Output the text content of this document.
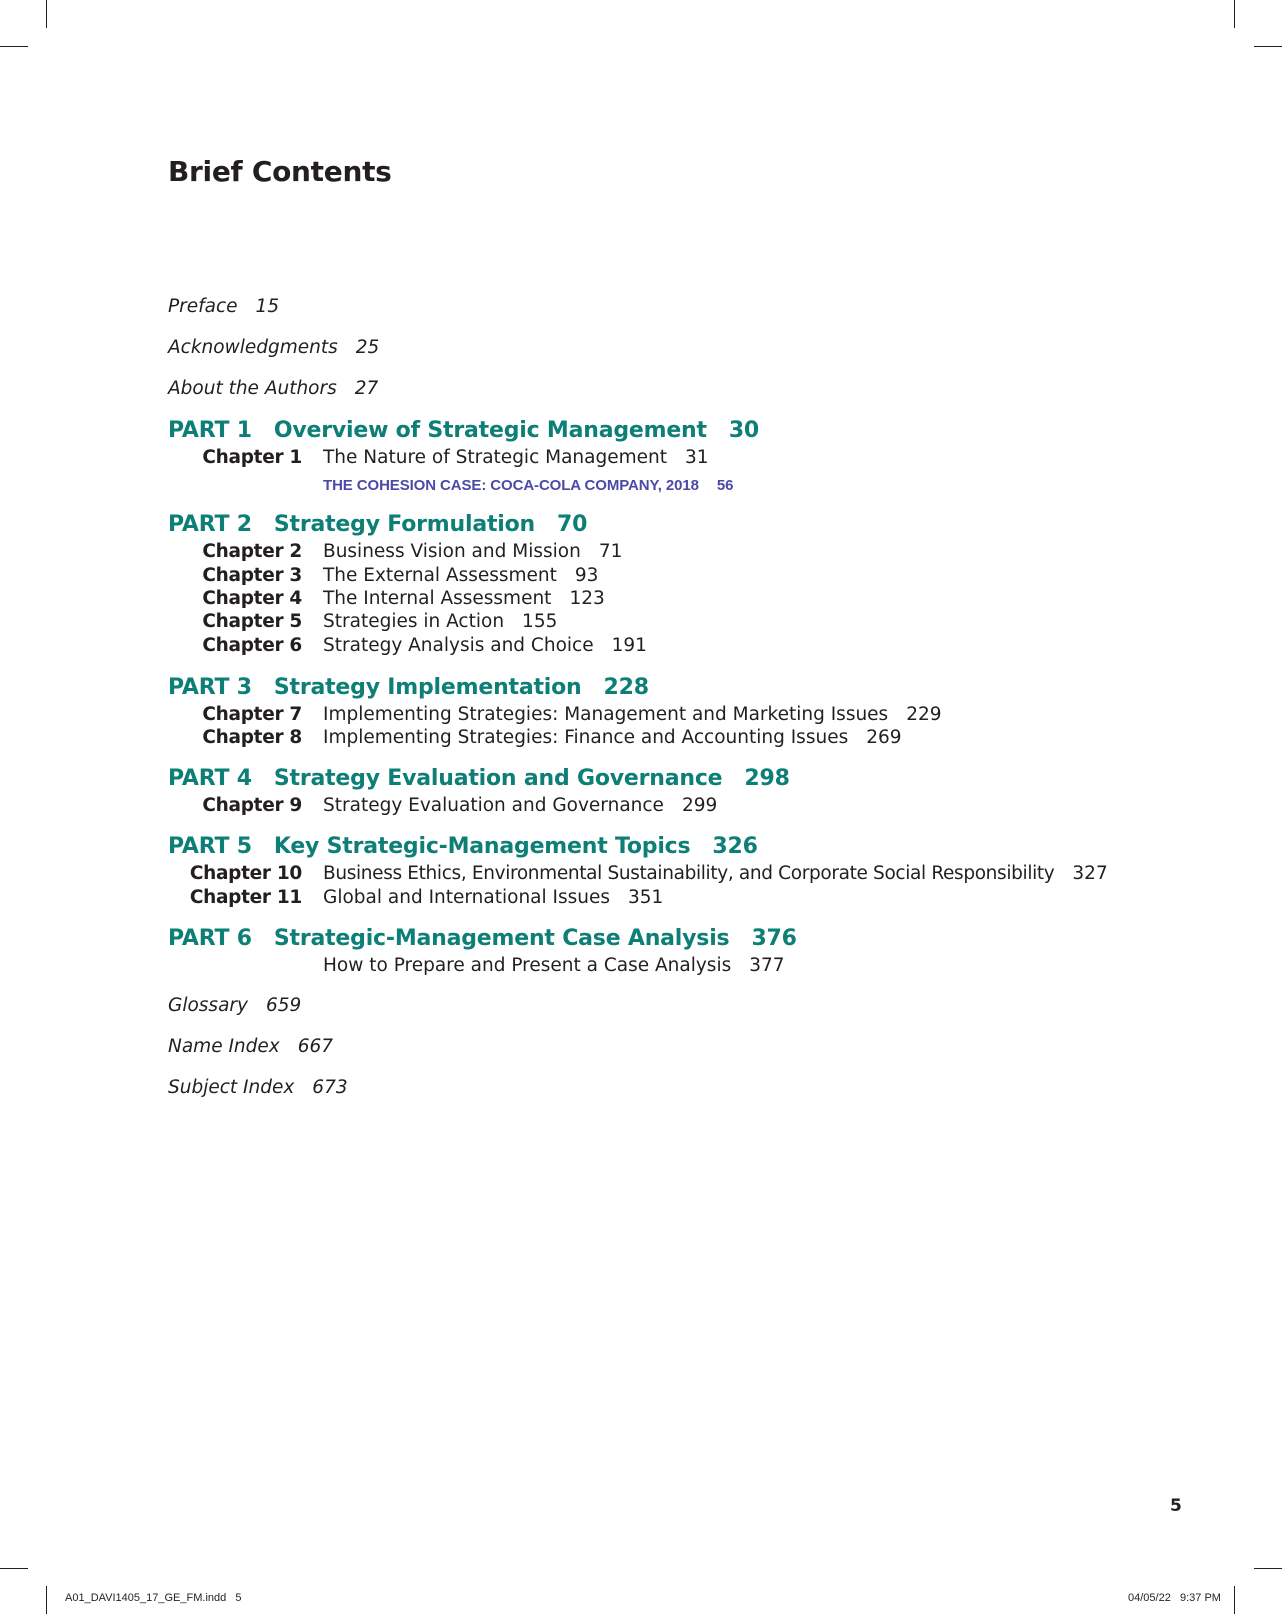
Brief Contents

Preface 15

Acknowledgments 25

About the Authors 27

PART 1 Overview of Strategic Management 30

Chapter 1 The Nature of Strategic Management 31
THE COHESION CASE: COCA-COLA COMPANY, 2018 56

PART 2 Strategy Formulation 70

Chapter 2 Business Vision and Mission 71
Chapter 3 The External Assessment 93
Chapter 4 The Internal Assessment 123
Chapter 5 Strategies in Action 155
Chapter 6 Strategy Analysis and Choice 191

PART 3 Strategy Implementation 228

Chapter 7 Implementing Strategies: Management and Marketing Issues 229
Chapter 8 Implementing Strategies: Finance and Accounting Issues 269

PART 4 Strategy Evaluation and Governance 298

Chapter 9 Strategy Evaluation and Governance 299

PART 5 Key Strategic-Management Topics 326

Chapter 10 Business Ethics, Environmental Sustainability, and Corporate Social Responsibility 327
Chapter 11 Global and International Issues 351

PART 6 Strategic-Management Case Analysis 376

How to Prepare and Present a Case Analysis 377

Glossary 659

Name Index 667

Subject Index 673

5
A01_DAVI1405_17_GE_FM.indd   5	04/05/22   9:37 PM
